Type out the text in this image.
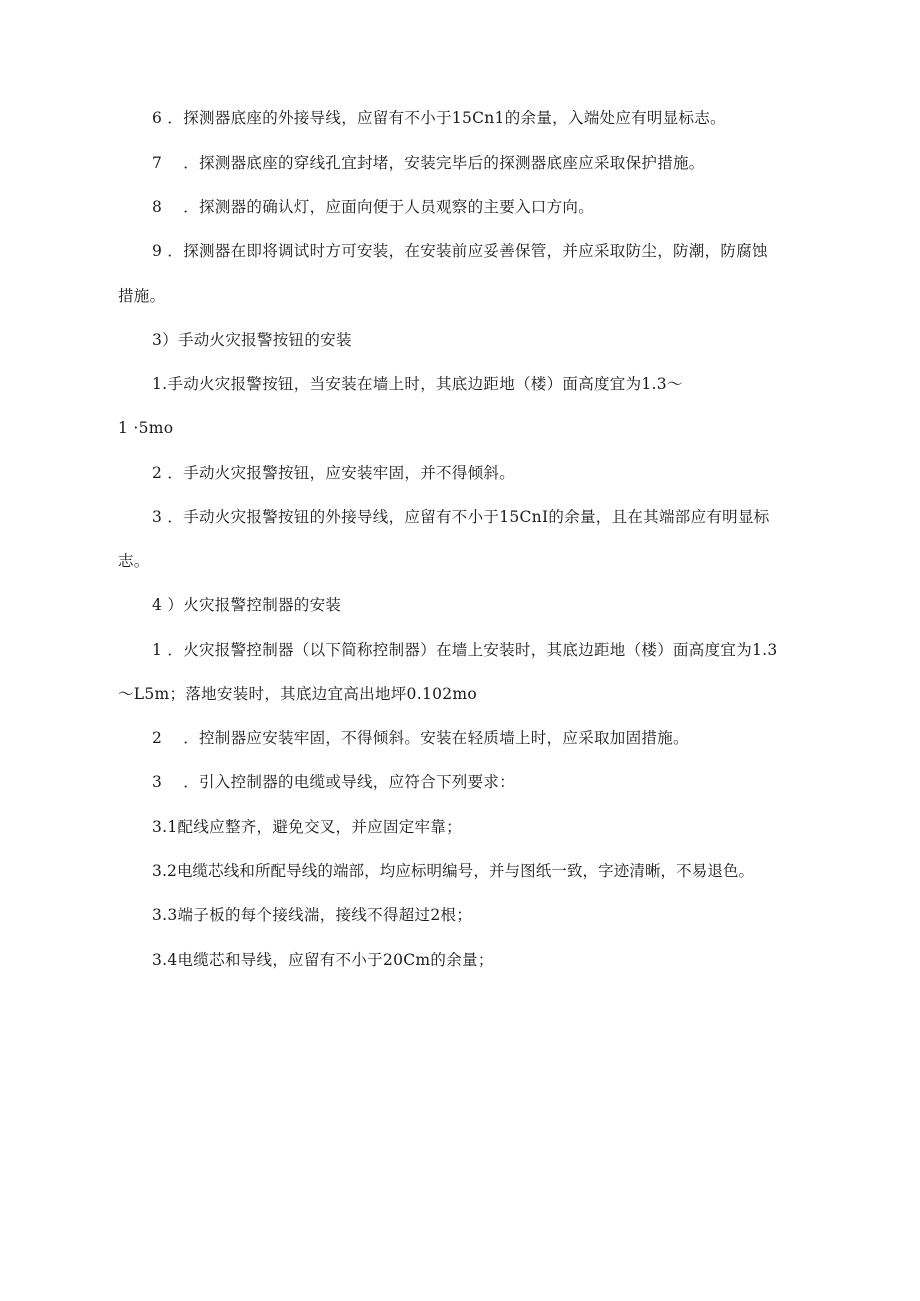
6 ．探测器底座的外接导线，应留有不小于15Cn1的余量，入端处应有明显标志。
7　 ．探测器底座的穿线孔宜封堵，安装完毕后的探测器底座应采取保护措施。
8　 ．探测器的确认灯，应面向便于人员观察的主要入口方向。
9 ．探测器在即将调试时方可安装，在安装前应妥善保管，并应采取防尘，防潮，防腐蚀
措施。
3）手动火灾报警按钮的安装
1.手动火灾报警按钮，当安装在墙上时，其底边距地（楼）面高度宜为1.3～
1 ·5mo
2 ．手动火灾报警按钮，应安装牢固，并不得倾斜。
3 ．手动火灾报警按钮的外接导线，应留有不小于15CnI的余量，且在其端部应有明显标
志。
4 ）火灾报警控制器的安装
1 ．火灾报警控制器（以下简称控制器）在墙上安装时，其底边距地（楼）面高度宜为1.3
～L5m；落地安装时，其底边宜高出地坪0.102mo
2　 ．控制器应安装牢固，不得倾斜。安装在轻质墙上时，应采取加固措施。
3　 ．引入控制器的电缆或导线，应符合下列要求：
3.1配线应整齐，避免交叉，并应固定牢靠；
3.2电缆芯线和所配导线的端部，均应标明编号，并与图纸一致，字迹清晰，不易退色。
3.3端子板的每个接线湍，接线不得超过2根；
3.4电缆芯和导线，应留有不小于20Cm的余量；
